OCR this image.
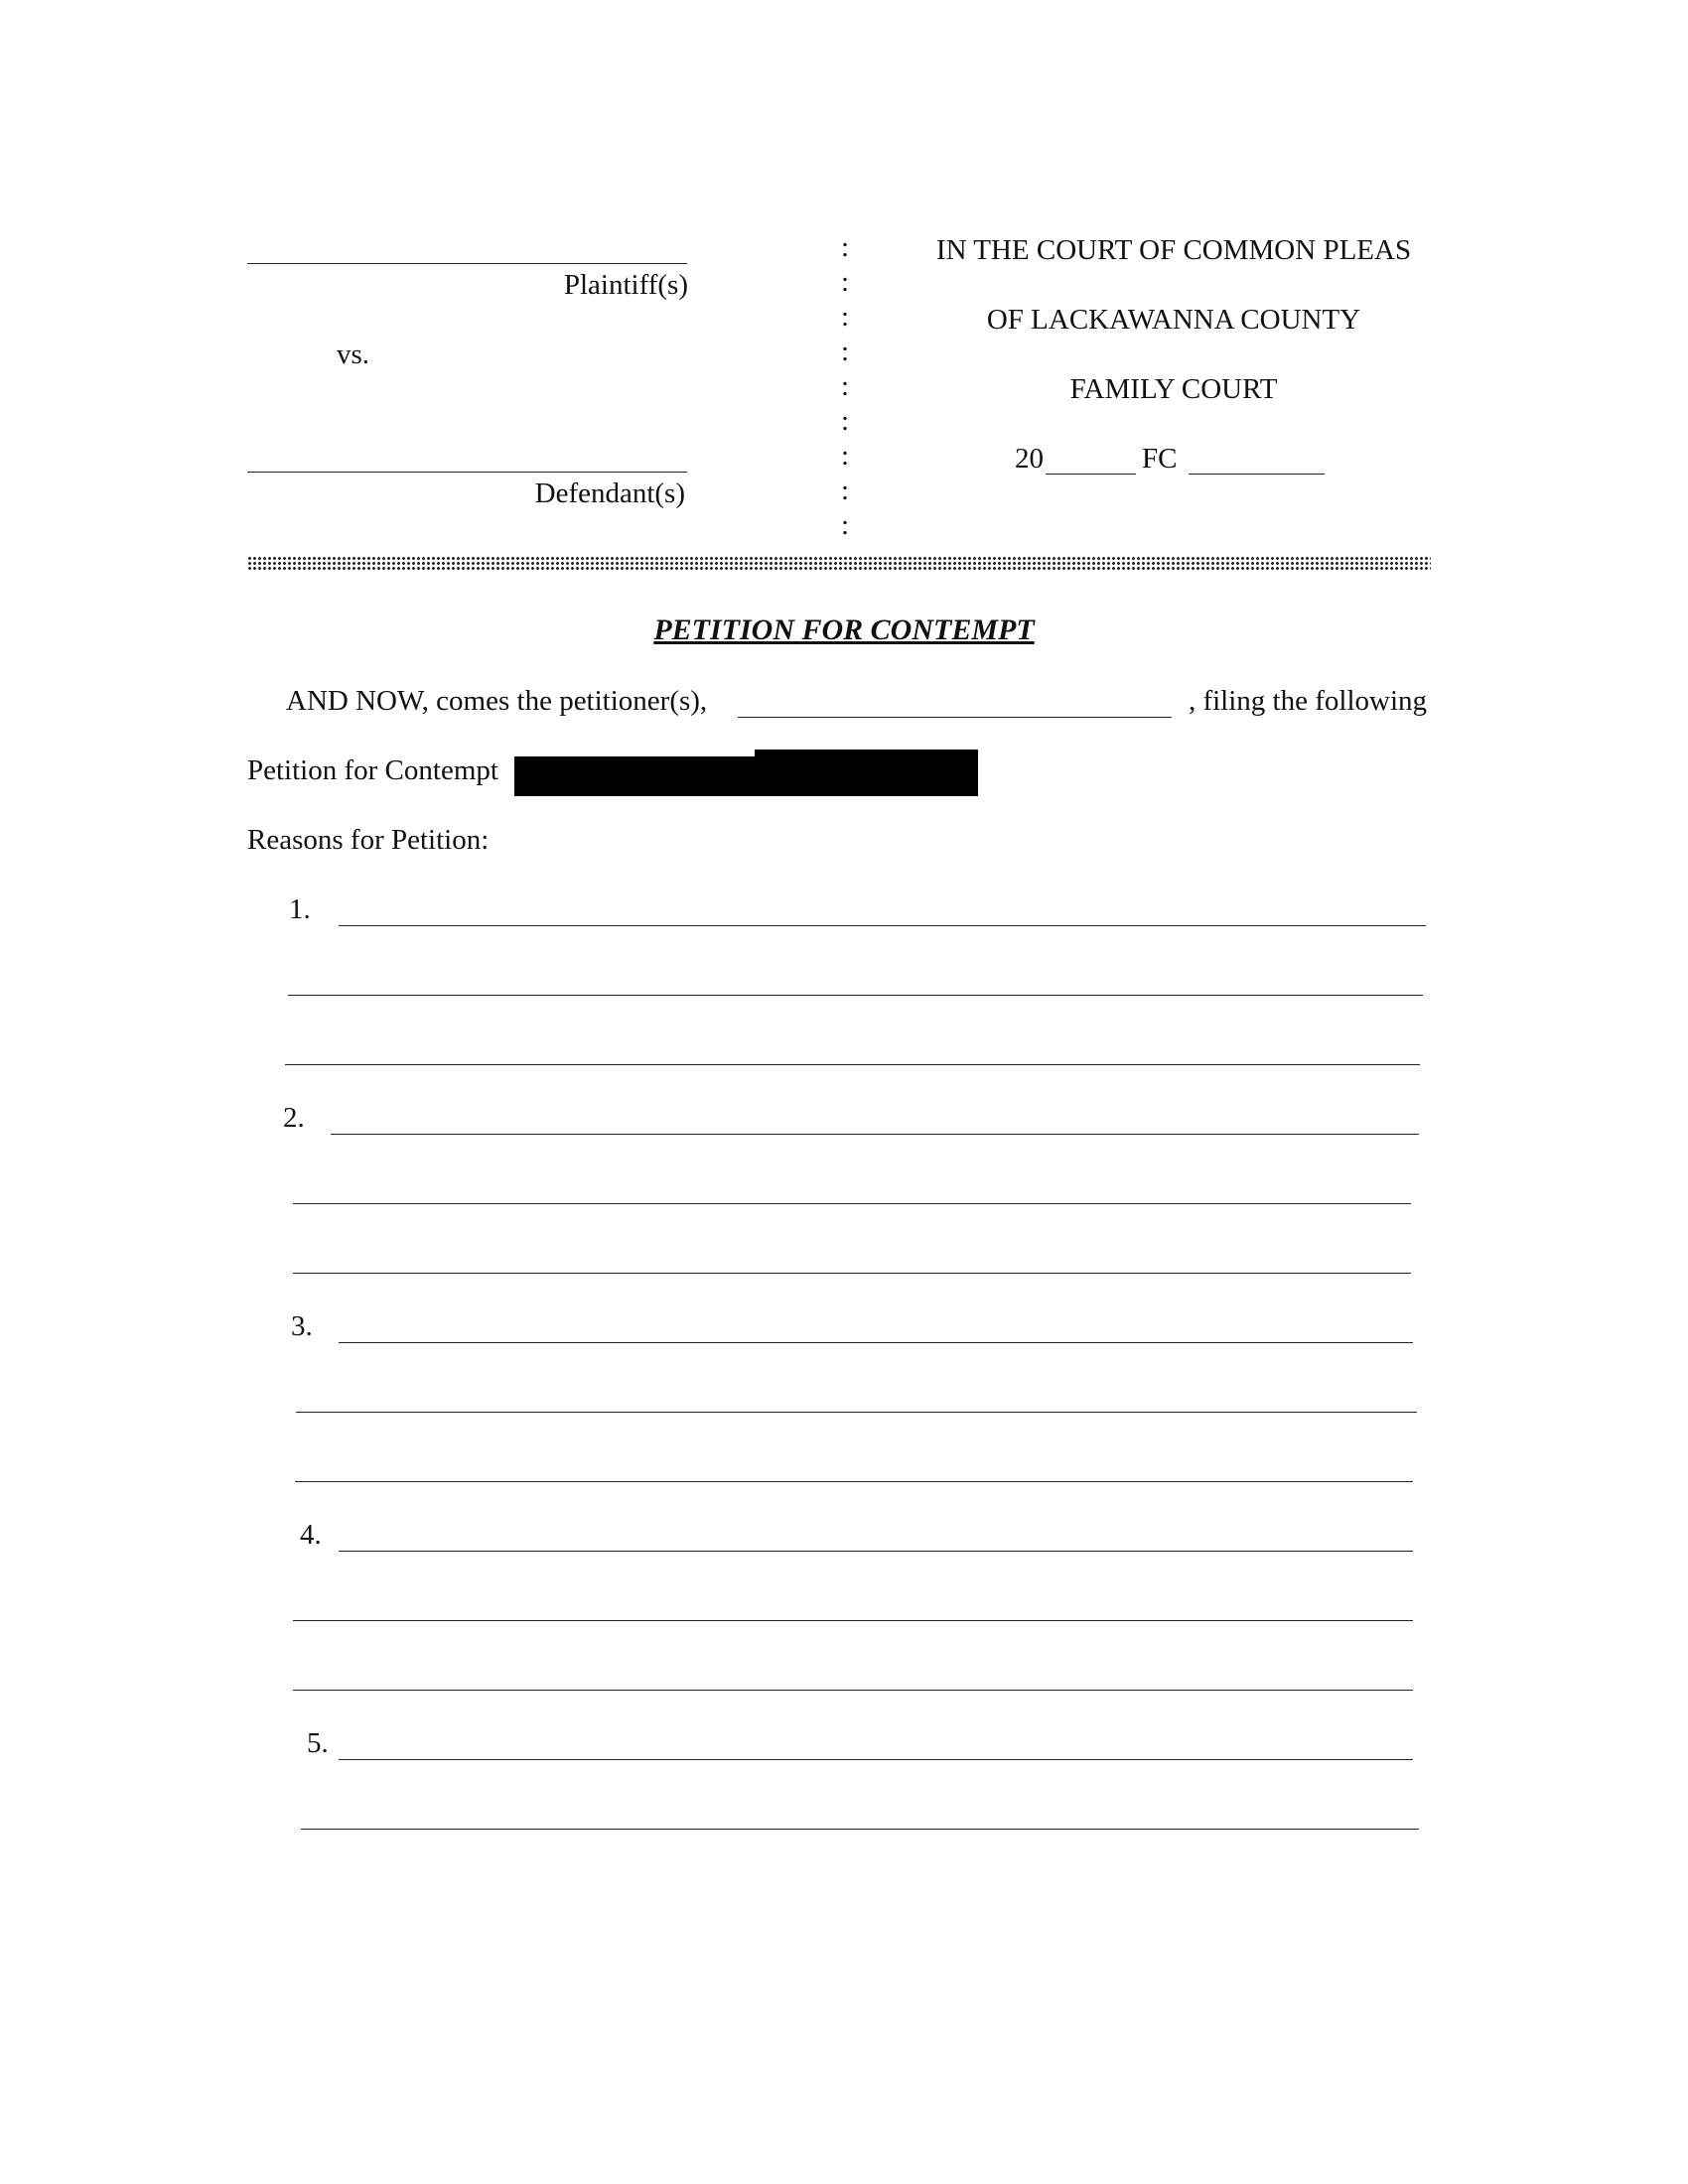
Plaintiff(s)
vs.
Defendant(s)
:
:
:
:
:
:
:
:
:
IN THE COURT OF COMMON PLEAS
OF LACKAWANNA COUNTY
FAMILY COURT
20	FC
PETITION FOR CONTEMPT
AND NOW, comes the petitioner(s),	, filing the following
Petition for Contempt
Reasons for Petition:
1.
2.
3.
4.
5.
